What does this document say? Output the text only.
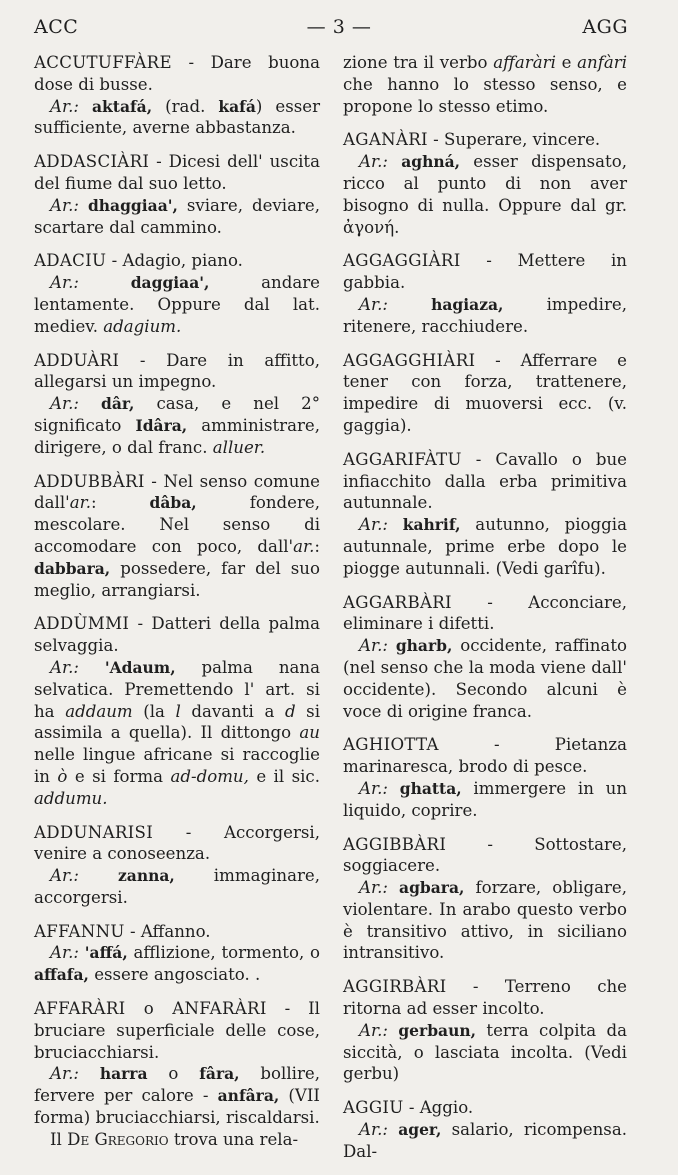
ACC	— 3 —	AGG

ACCUTUFFÀRE - Dare buona dose di busse.

Ar.: aktafá, (rad. kafá) esser sufficiente, averne abbastanza.

ADDASCIÀRI - Dicesi dell' uscita del fiume dal suo letto.

Ar.: dhaggiaa', sviare, deviare, scartare dal cammino.

ADACIU - Adagio, piano.

Ar.:	daggiaa', andare lentamente. Oppure dal lat. mediev. adagium.

ADDUÀRI - Dare in affitto, allegarsi un impegno.

Ar.: dâr, casa, e nel 2° significato Idâra, amministrare, dirigere, o dal franc. alluer.

ADDUBBÀRI - Nel senso comune dall'ar.: dâba, fondere, mescolare. Nel senso di accomodare con poco, dall'ar.: dabbara, possedere, far del suo meglio, arrangiarsi.

ADDÙMMI - Datteri della palma selvaggia.

Ar.: 'Adaum, palma nana selvatica. Premettendo l' art. si ha addaum (la l davanti a d si assimila a quella). Il dittongo au nelle lingue africane si raccoglie in ò e si forma ad-domu, e il sic. addumu.

ADDUNARISI - Accorgersi, venire a conoseenza.

Ar.:	zanna, immaginare, accorgersi.

AFFANNU - Affanno.

Ar.: 'affá, afflizione, tormento, o affafa, essere angosciato. .

AFFARÀRI o ANFARÀRI - Il bruciare superficiale delle cose, bruciacchiarsi.

Ar.: harra o fâra, bollire, fervere per calore - anfâra, (VII forma) bruciacchiarsi, riscaldarsi.

Il De Gregorio trova una rela-

zione tra il verbo affaràri e anfàri che hanno lo stesso senso, e propone lo stesso etimo.

AGANÀRI - Superare, vincere.

Ar.: aghná, esser dispensato, ricco al punto di non aver bisogno di nulla. Oppure dal gr. ἀγονή.

AGGAGGIÀRI - Mettere in gabbia.

Ar.:	hagiaza, impedire, ritenere, racchiudere.

AGGAGGHIÀRI - Afferrare e tener con forza, trattenere, impedire di muoversi ecc. (v. gaggia).

AGGARIFÀTU - Cavallo o bue infiacchito dalla erba primitiva autunnale.

Ar.: kahrif, autunno, pioggia autunnale, prime erbe dopo le piogge autunnali. (Vedi garîfu).

AGGARBÀRI - Acconciare, eliminare i difetti.

Ar.: gharb, occidente, raffinato (nel senso che la moda viene dall' occidente). Secondo alcuni è voce di origine franca.

AGHIOTTA - Pietanza marinaresca, brodo di pesce.

Ar.: ghatta, immergere in un liquido, coprire.

AGGIBBÀRI - Sottostare, soggiacere.

Ar.: agbara, forzare, obligare, violentare. In arabo questo verbo è transitivo attivo, in siciliano intransitivo.

AGGIRBÀRI - Terreno che ritorna ad esser incolto.

Ar.: gerbaun, terra colpita da siccità, o lasciata incolta. (Vedi gerbu)

AGGIU - Aggio.

Ar.: ager, salario, ricompensa. Dal-
